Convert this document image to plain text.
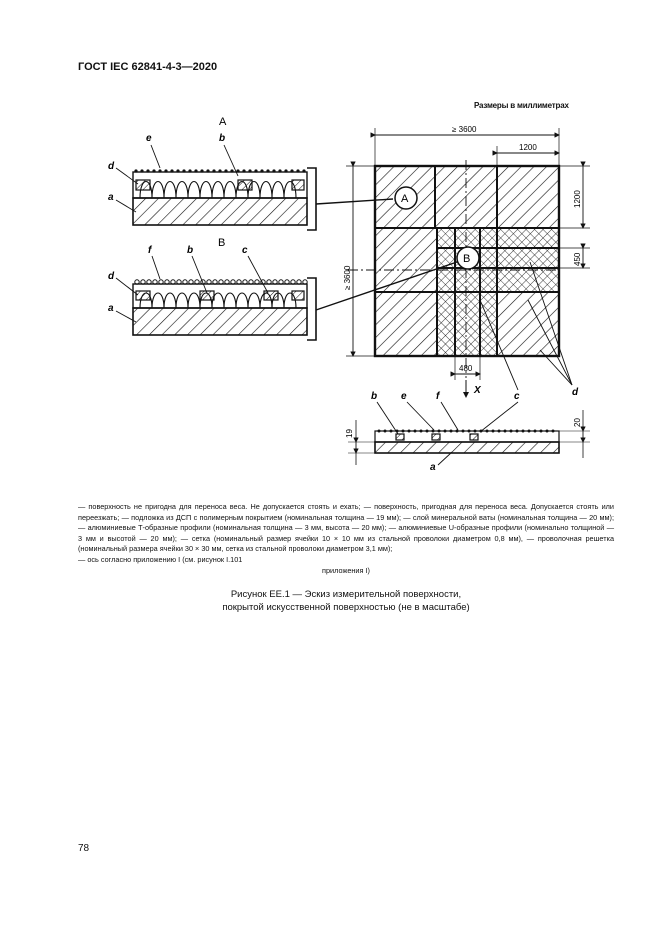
ГОСТ IEC 62841-4-3—2020
Размеры в миллиметрах
A
e	b
d
a
B
f	b	c
d
a
A
B
X
≥ 3600
1200
≥ 3600
1200
450
480
c	d
19
20
b e	f
a
— поверхность не пригодна для переноса веса. Не допускается стоять и ехать; — поверхность, пригодная для переноса веса. Допускается стоять или переезжать; — подложка из ДСП с полимерным покрытием (номинальная толщина — 19 мм); — слой минеральной ваты (номинальная толщина — 20 мм); — алюминиевые Т-образные профили (номинальная толщина — 3 мм, высота — 20 мм); — алюминиевые U-образные профили (номинально толщиной — 3 мм и высотой — 20 мм); — сетка (номинальный размер ячейки 10 × 10 мм из стальной проволоки диаметром 0,8 мм), — проволочная решетка (номинальный размера ячейки 30 × 30 мм, сетка из стальной проволоки диаметром 3,1 мм);
— ось согласно приложению I (см. рисунок I.101
приложения I)
Рисунок ЕЕ.1 — Эскиз измерительной поверхности,
покрытой искусственной поверхностью (не в масштабе)
78
